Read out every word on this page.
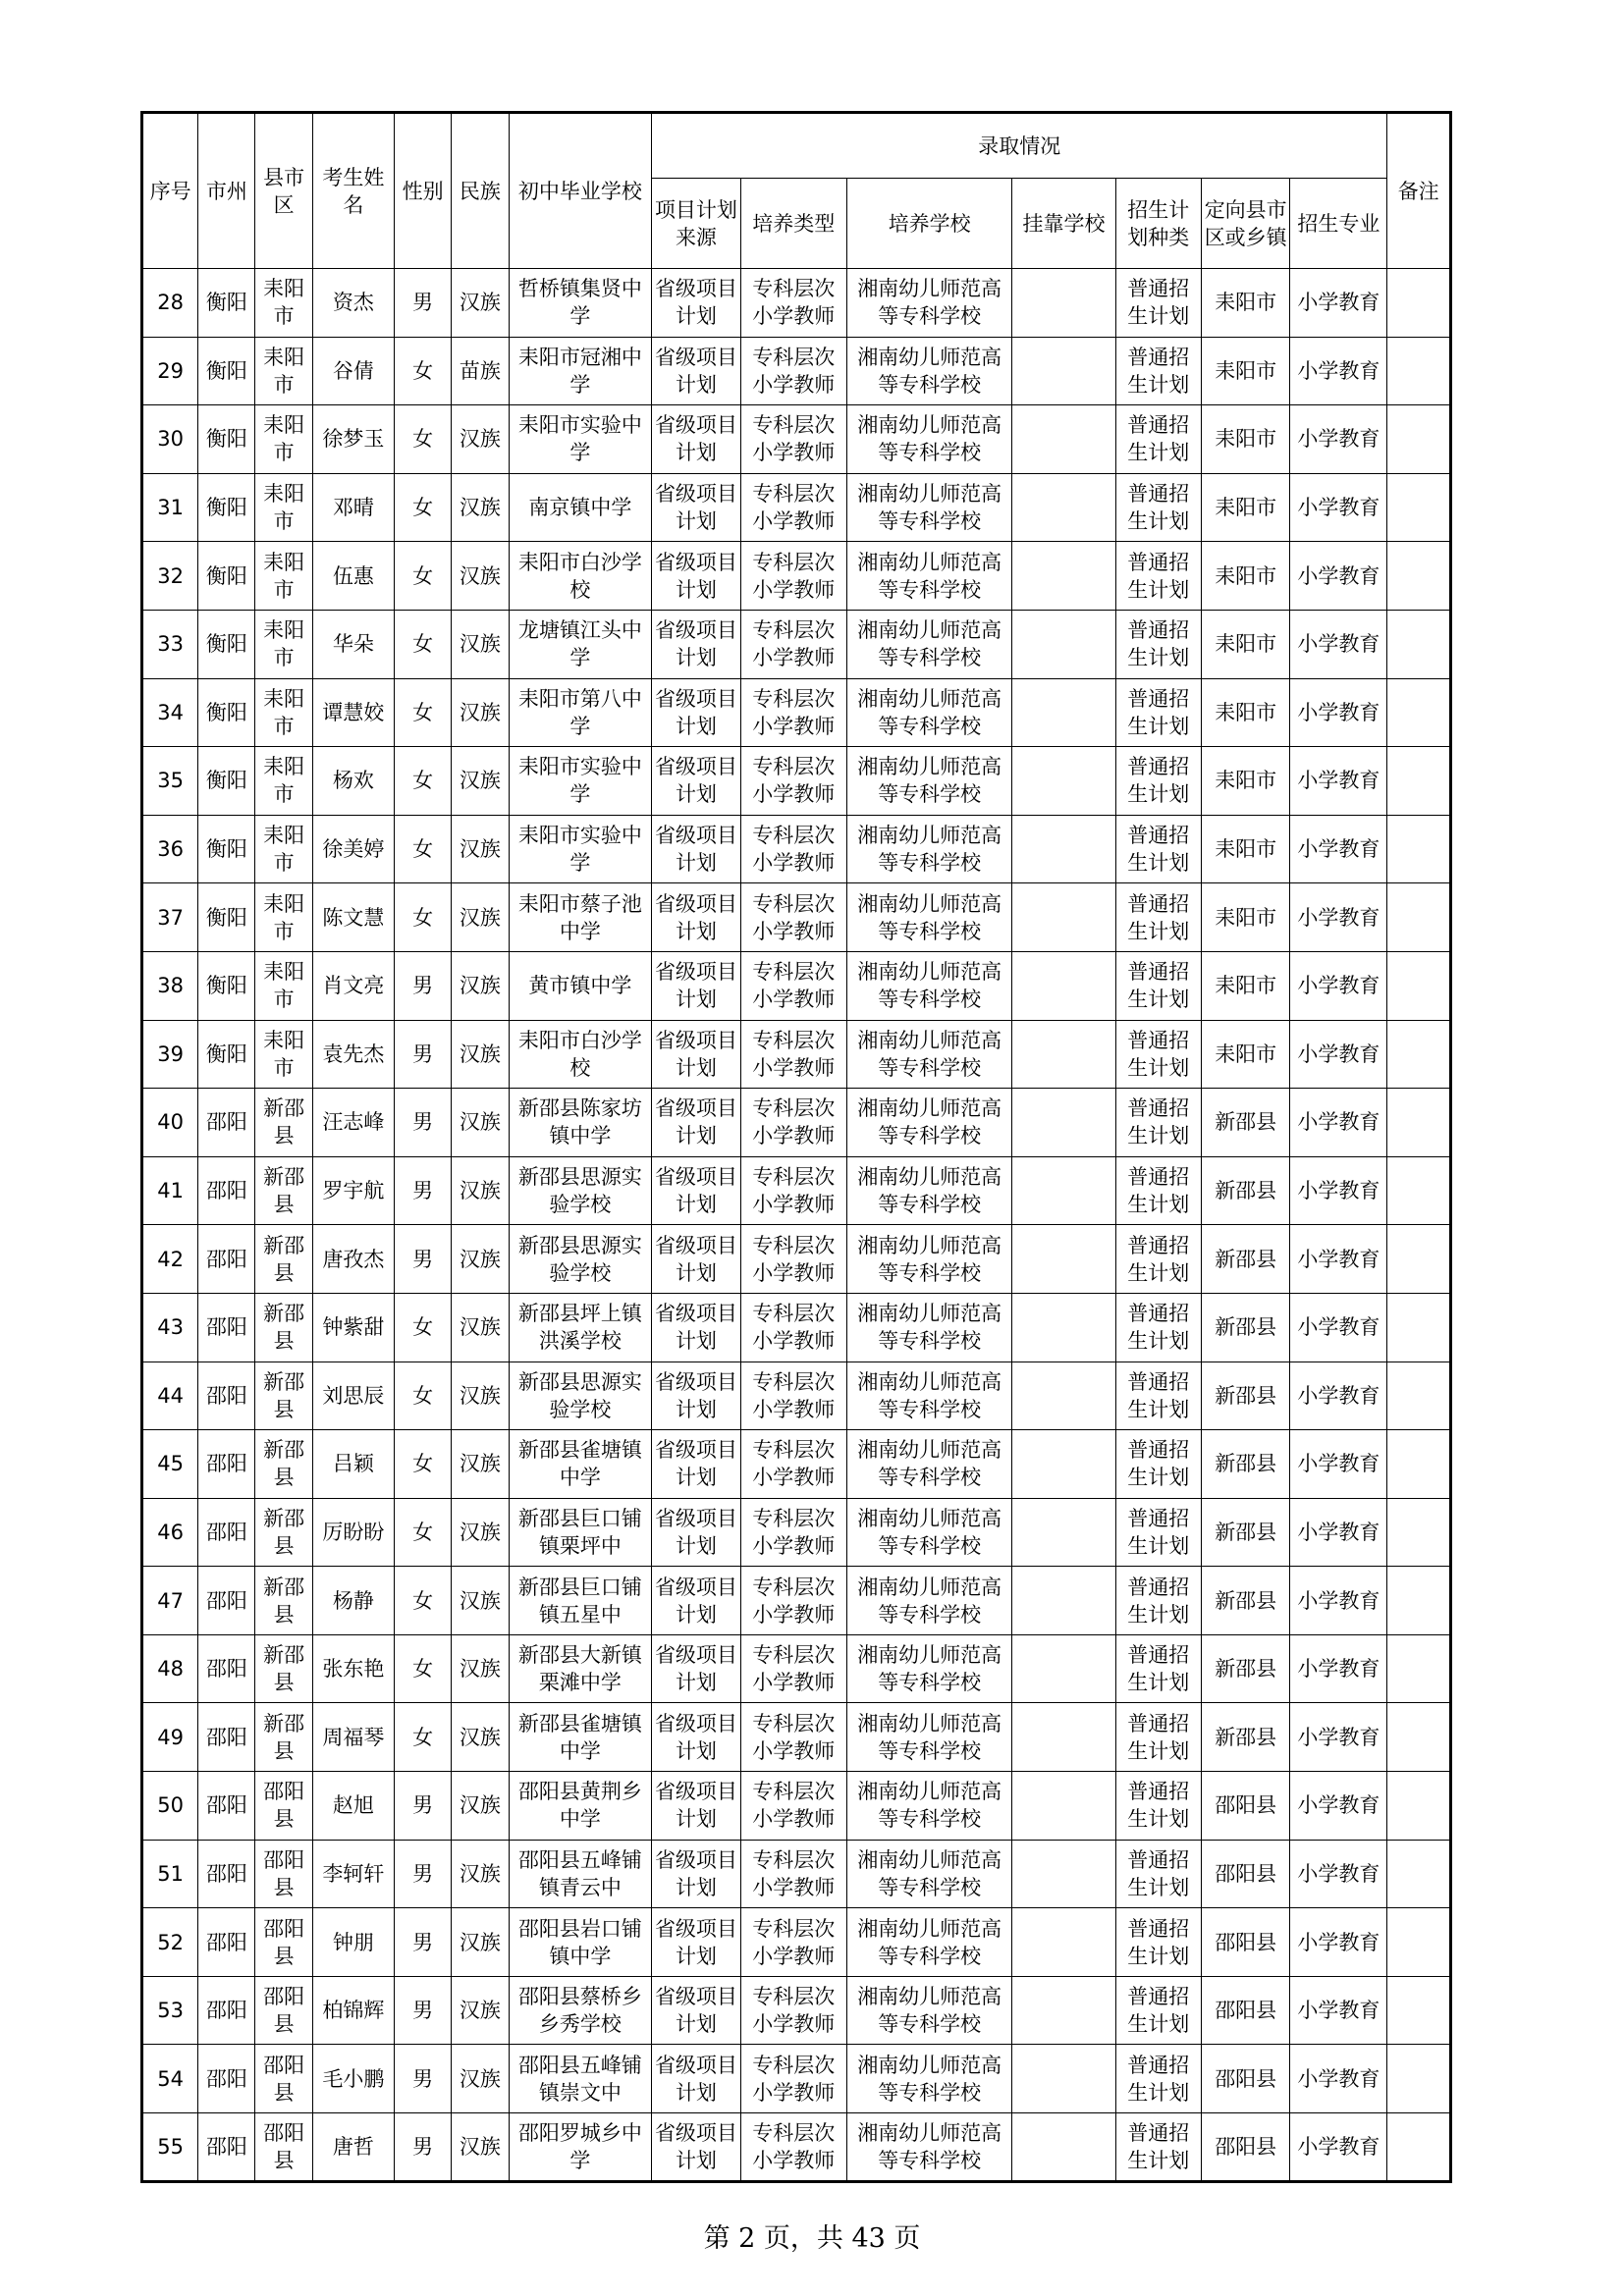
序号	市州	县市区	考生姓名	性别	民族	初中毕业学校	录取情况							备注
							项目计划来源	培养类型	培养学校	挂靠学校	招生计划种类	定向县市区或乡镇	招生专业	
28	衡阳	耒阳市	资杰	男	汉族	哲桥镇集贤中学	省级项目计划	专科层次小学教师	湘南幼儿师范高等专科学校		普通招生计划	耒阳市	小学教育	
29	衡阳	耒阳市	谷倩	女	苗族	耒阳市冠湘中学	省级项目计划	专科层次小学教师	湘南幼儿师范高等专科学校		普通招生计划	耒阳市	小学教育	
30	衡阳	耒阳市	徐梦玉	女	汉族	耒阳市实验中学	省级项目计划	专科层次小学教师	湘南幼儿师范高等专科学校		普通招生计划	耒阳市	小学教育	
31	衡阳	耒阳市	邓晴	女	汉族	南京镇中学	省级项目计划	专科层次小学教师	湘南幼儿师范高等专科学校		普通招生计划	耒阳市	小学教育	
32	衡阳	耒阳市	伍惠	女	汉族	耒阳市白沙学校	省级项目计划	专科层次小学教师	湘南幼儿师范高等专科学校		普通招生计划	耒阳市	小学教育	
33	衡阳	耒阳市	华朵	女	汉族	龙塘镇江头中学	省级项目计划	专科层次小学教师	湘南幼儿师范高等专科学校		普通招生计划	耒阳市	小学教育	
34	衡阳	耒阳市	谭慧姣	女	汉族	耒阳市第八中学	省级项目计划	专科层次小学教师	湘南幼儿师范高等专科学校		普通招生计划	耒阳市	小学教育	
35	衡阳	耒阳市	杨欢	女	汉族	耒阳市实验中学	省级项目计划	专科层次小学教师	湘南幼儿师范高等专科学校		普通招生计划	耒阳市	小学教育	
36	衡阳	耒阳市	徐美婷	女	汉族	耒阳市实验中学	省级项目计划	专科层次小学教师	湘南幼儿师范高等专科学校		普通招生计划	耒阳市	小学教育	
37	衡阳	耒阳市	陈文慧	女	汉族	耒阳市蔡子池中学	省级项目计划	专科层次小学教师	湘南幼儿师范高等专科学校		普通招生计划	耒阳市	小学教育	
38	衡阳	耒阳市	肖文亮	男	汉族	黄市镇中学	省级项目计划	专科层次小学教师	湘南幼儿师范高等专科学校		普通招生计划	耒阳市	小学教育	
39	衡阳	耒阳市	袁先杰	男	汉族	耒阳市白沙学校	省级项目计划	专科层次小学教师	湘南幼儿师范高等专科学校		普通招生计划	耒阳市	小学教育	
40	邵阳	新邵县	汪志峰	男	汉族	新邵县陈家坊镇中学	省级项目计划	专科层次小学教师	湘南幼儿师范高等专科学校		普通招生计划	新邵县	小学教育	
41	邵阳	新邵县	罗宇航	男	汉族	新邵县思源实验学校	省级项目计划	专科层次小学教师	湘南幼儿师范高等专科学校		普通招生计划	新邵县	小学教育	
42	邵阳	新邵县	唐孜杰	男	汉族	新邵县思源实验学校	省级项目计划	专科层次小学教师	湘南幼儿师范高等专科学校		普通招生计划	新邵县	小学教育	
43	邵阳	新邵县	钟紫甜	女	汉族	新邵县坪上镇洪溪学校	省级项目计划	专科层次小学教师	湘南幼儿师范高等专科学校		普通招生计划	新邵县	小学教育	
44	邵阳	新邵县	刘思辰	女	汉族	新邵县思源实验学校	省级项目计划	专科层次小学教师	湘南幼儿师范高等专科学校		普通招生计划	新邵县	小学教育	
45	邵阳	新邵县	吕颖	女	汉族	新邵县雀塘镇中学	省级项目计划	专科层次小学教师	湘南幼儿师范高等专科学校		普通招生计划	新邵县	小学教育	
46	邵阳	新邵县	厉盼盼	女	汉族	新邵县巨口铺镇栗坪中	省级项目计划	专科层次小学教师	湘南幼儿师范高等专科学校		普通招生计划	新邵县	小学教育	
47	邵阳	新邵县	杨静	女	汉族	新邵县巨口铺镇五星中	省级项目计划	专科层次小学教师	湘南幼儿师范高等专科学校		普通招生计划	新邵县	小学教育	
48	邵阳	新邵县	张东艳	女	汉族	新邵县大新镇栗滩中学	省级项目计划	专科层次小学教师	湘南幼儿师范高等专科学校		普通招生计划	新邵县	小学教育	
49	邵阳	新邵县	周福琴	女	汉族	新邵县雀塘镇中学	省级项目计划	专科层次小学教师	湘南幼儿师范高等专科学校		普通招生计划	新邵县	小学教育	
50	邵阳	邵阳县	赵旭	男	汉族	邵阳县黄荆乡中学	省级项目计划	专科层次小学教师	湘南幼儿师范高等专科学校		普通招生计划	邵阳县	小学教育	
51	邵阳	邵阳县	李轲轩	男	汉族	邵阳县五峰铺镇青云中	省级项目计划	专科层次小学教师	湘南幼儿师范高等专科学校		普通招生计划	邵阳县	小学教育	
52	邵阳	邵阳县	钟朋	男	汉族	邵阳县岩口铺镇中学	省级项目计划	专科层次小学教师	湘南幼儿师范高等专科学校		普通招生计划	邵阳县	小学教育	
53	邵阳	邵阳县	柏锦辉	男	汉族	邵阳县蔡桥乡乡秀学校	省级项目计划	专科层次小学教师	湘南幼儿师范高等专科学校		普通招生计划	邵阳县	小学教育	
54	邵阳	邵阳县	毛小鹏	男	汉族	邵阳县五峰铺镇崇文中	省级项目计划	专科层次小学教师	湘南幼儿师范高等专科学校		普通招生计划	邵阳县	小学教育	
55	邵阳	邵阳县	唐哲	男	汉族	邵阳罗城乡中学	省级项目计划	专科层次小学教师	湘南幼儿师范高等专科学校		普通招生计划	邵阳县	小学教育	
第 2 页，共 43 页
